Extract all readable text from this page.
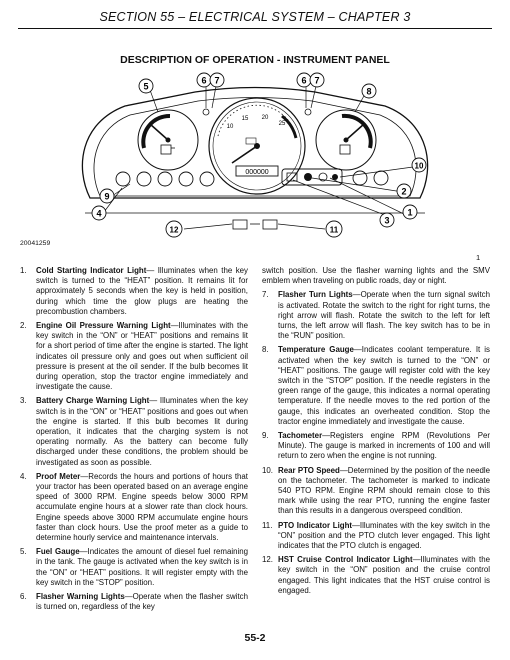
SECTION 55 – ELECTRICAL SYSTEM – CHAPTER 3
DESCRIPTION OF OPERATION - INSTRUMENT PANEL
10
15 20
25
000000
6 7	6 7
5	8
10
9	2
4	1
3
12	11
20041259
1
1. Cold Starting Indicator Light— Illuminates when the key switch is turned to the “HEAT” position. It remains lit for approximately 5 seconds when the key is held in position, during which time the glow plugs are heating the precombustion chambers.
2. Engine Oil Pressure Warning Light—Illuminates with the key switch in the “ON” or “HEAT” positions and remains lit for a short period of time after the engine is started. The light indicates oil pressure only and goes out when sufficient oil pressure is present at the oil sender. If the bulb becomes lit during operation, stop the tractor engine immediately and investigate the cause.
3. Battery Charge Warning Light— Illuminates when the key switch is in the “ON” or “HEAT” positions and goes out when the engine is started. If this bulb becomes lit during operation, it indicates that the charging system is not operating normally. As the battery can become fully discharged under these conditions, the problem should be investigated as soon as possible.
4. Proof Meter—Records the hours and portions of hours that your tractor has been operated based on an average engine speed of 3000 RPM. Engine speeds below 3000 RPM accumulate engine hours at a slower rate than clock hours. Engine speeds above 3000 RPM accumulate engine hours faster than clock hours. Use the proof meter as a guide to determine hourly service and maintenance intervals.
5. Fuel Gauge—Indicates the amount of diesel fuel remaining in the tank. The gauge is activated when the key switch is in the “ON” or “HEAT” positions. It will register empty with the key switch in the “STOP” position.
6. Flasher Warning Lights—Operate when the flasher switch is turned on, regardless of the key
switch position. Use the flasher warning lights and the SMV emblem when traveling on public roads, day or night.
7. Flasher Turn Lights—Operate when the turn signal switch is activated. Rotate the switch to the right for right turns, the right arrow will flash. Rotate the switch to the left for left turns, the left arrow will flash. The key switch has to be in the “RUN” position.
8. Temperature Gauge—Indicates coolant temperature. It is activated when the key switch is turned to the “ON” or “HEAT” positions. The gauge will register cold with the key switch in the “STOP” position. If the needle registers in the green range of the gauge, this indicates a normal operating temperature. If the needle moves to the red portion of the gauge, this indicates an overheated condition. Stop the tractor engine immediately and investigate the cause.
9. Tachometer—Registers engine RPM (Revolutions Per Minute). The gauge is marked in increments of 100 and will return to zero when the engine is not running.
10. Rear PTO Speed—Determined by the position of the needle on the tachometer. The tachometer is marked to indicate 540 PTO RPM. Engine RPM should remain close to this mark while using the rear PTO, running the engine faster than this results in a dangerous overspeed condition.
11. PTO Indicator Light—Illuminates with the key switch in the “ON” position and the PTO clutch lever engaged. This light indicates that the PTO clutch is engaged.
12. HST Cruise Control Indicator Light—Illuminates with the key switch in the “ON” position and the cruise control engaged. This light indicates that the HST cruise control is engaged.
55-2
